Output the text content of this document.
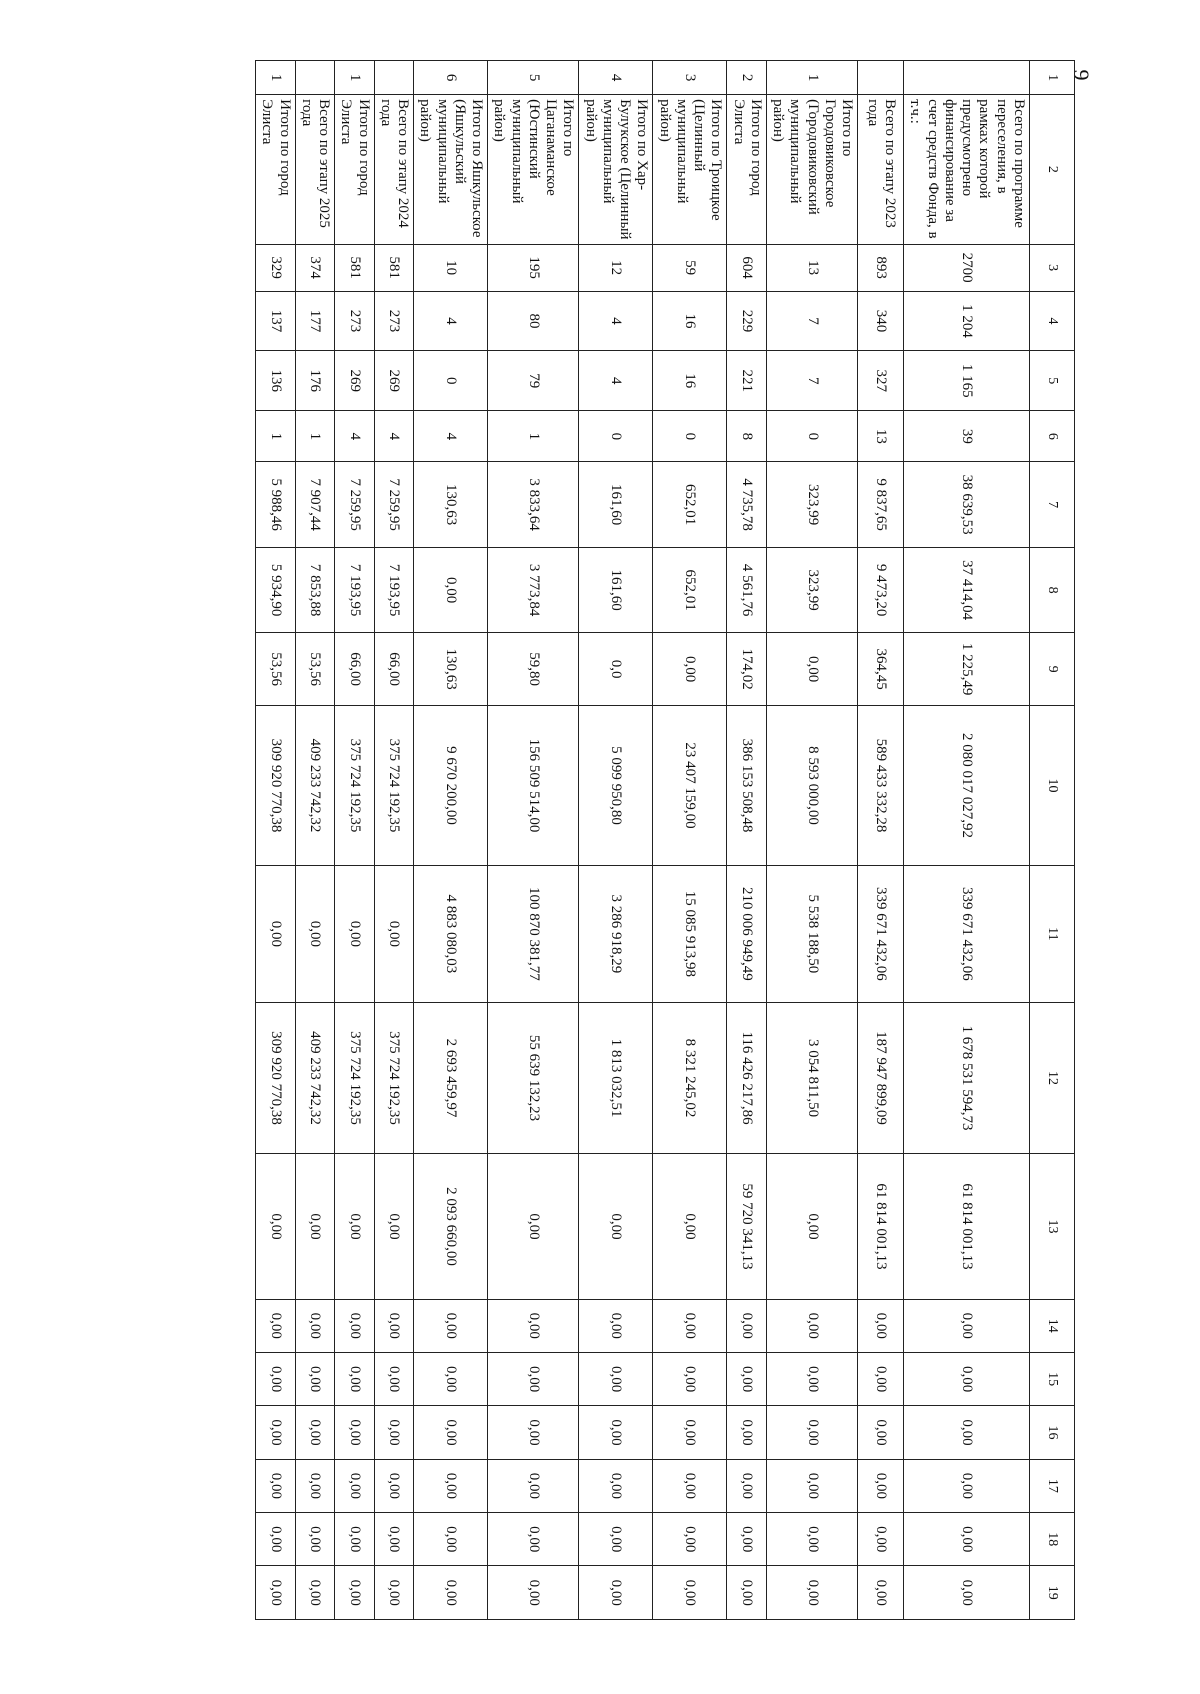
9
1	2	3	4	5	6	7	8	9	10	11	12	13	14	15	16	17	18	19
	Всего по программе переселения, в рамках которой предусмотрено финансирование за счет средств Фонда, в т.ч.:	2700	1 204	1 165	39	38 639,53	37 414,04	1 225,49	2 080 017 027,92	339 671 432,06	1 678 531 594,73	61 814 001,13	0,00	0,00	0,00	0,00	0,00	0,00
	Всего по этапу 2023 года	893	340	327	13	9 837,65	9 473,20	364,45	589 433 332,28	339 671 432,06	187 947 899,09	61 814 001,13	0,00	0,00	0,00	0,00	0,00	0,00
1	Итого по Городовиковское (Городовиковский муниципальный район)	13	7	7	0	323,99	323,99	0,00	8 593 000,00	5 538 188,50	3 054 811,50	0,00	0,00	0,00	0,00	0,00	0,00	0,00
2	Итого по город Элиста	604	229	221	8	4 735,78	4 561,76	174,02	386 153 508,48	210 006 949,49	116 426 217,86	59 720 341,13	0,00	0,00	0,00	0,00	0,00	0,00
3	Итого по Троицкое (Целинный муниципальный район)	59	16	16	0	652,01	652,01	0,00	23 407 159,00	15 085 913,98	8 321 245,02	0,00	0,00	0,00	0,00	0,00	0,00	0,00
4	Итого по Хар-Булукское (Целинный муниципальный район)	12	4	4	0	161,60	161,60	0,0	5 099 950,80	3 286 918,29	1 813 032,51	0,00	0,00	0,00	0,00	0,00	0,00	0,00
5	Итого по Цаганаманское (Юстинский муниципальный район)	195	80	79	1	3 833,64	3 773,84	59,80	156 509 514,00	100 870 381,77	55 639 132,23	0,00	0,00	0,00	0,00	0,00	0,00	0,00
6	Итого по Яшкульское (Яшкульский муниципальный район)	10	4	0	4	130,63	0,00	130,63	9 670 200,00	4 883 080,03	2 693 459,97	2 093 660,00	0,00	0,00	0,00	0,00	0,00	0,00
	Всего по этапу 2024 года	581	273	269	4	7 259,95	7 193,95	66,00	375 724 192,35	0,00	375 724 192,35	0,00	0,00	0,00	0,00	0,00	0,00	0,00
1	Итого по город Элиста	581	273	269	4	7 259,95	7 193,95	66,00	375 724 192,35	0,00	375 724 192,35	0,00	0,00	0,00	0,00	0,00	0,00	0,00
	Всего по этапу 2025 года	374	177	176	1	7 907,44	7 853,88	53,56	409 233 742,32	0,00	409 233 742,32	0,00	0,00	0,00	0,00	0,00	0,00	0,00
1	Итого по город Элиста	329	137	136	1	5 988,46	5 934,90	53,56	309 920 770,38	0,00	309 920 770,38	0,00	0,00	0,00	0,00	0,00	0,00	0,00
